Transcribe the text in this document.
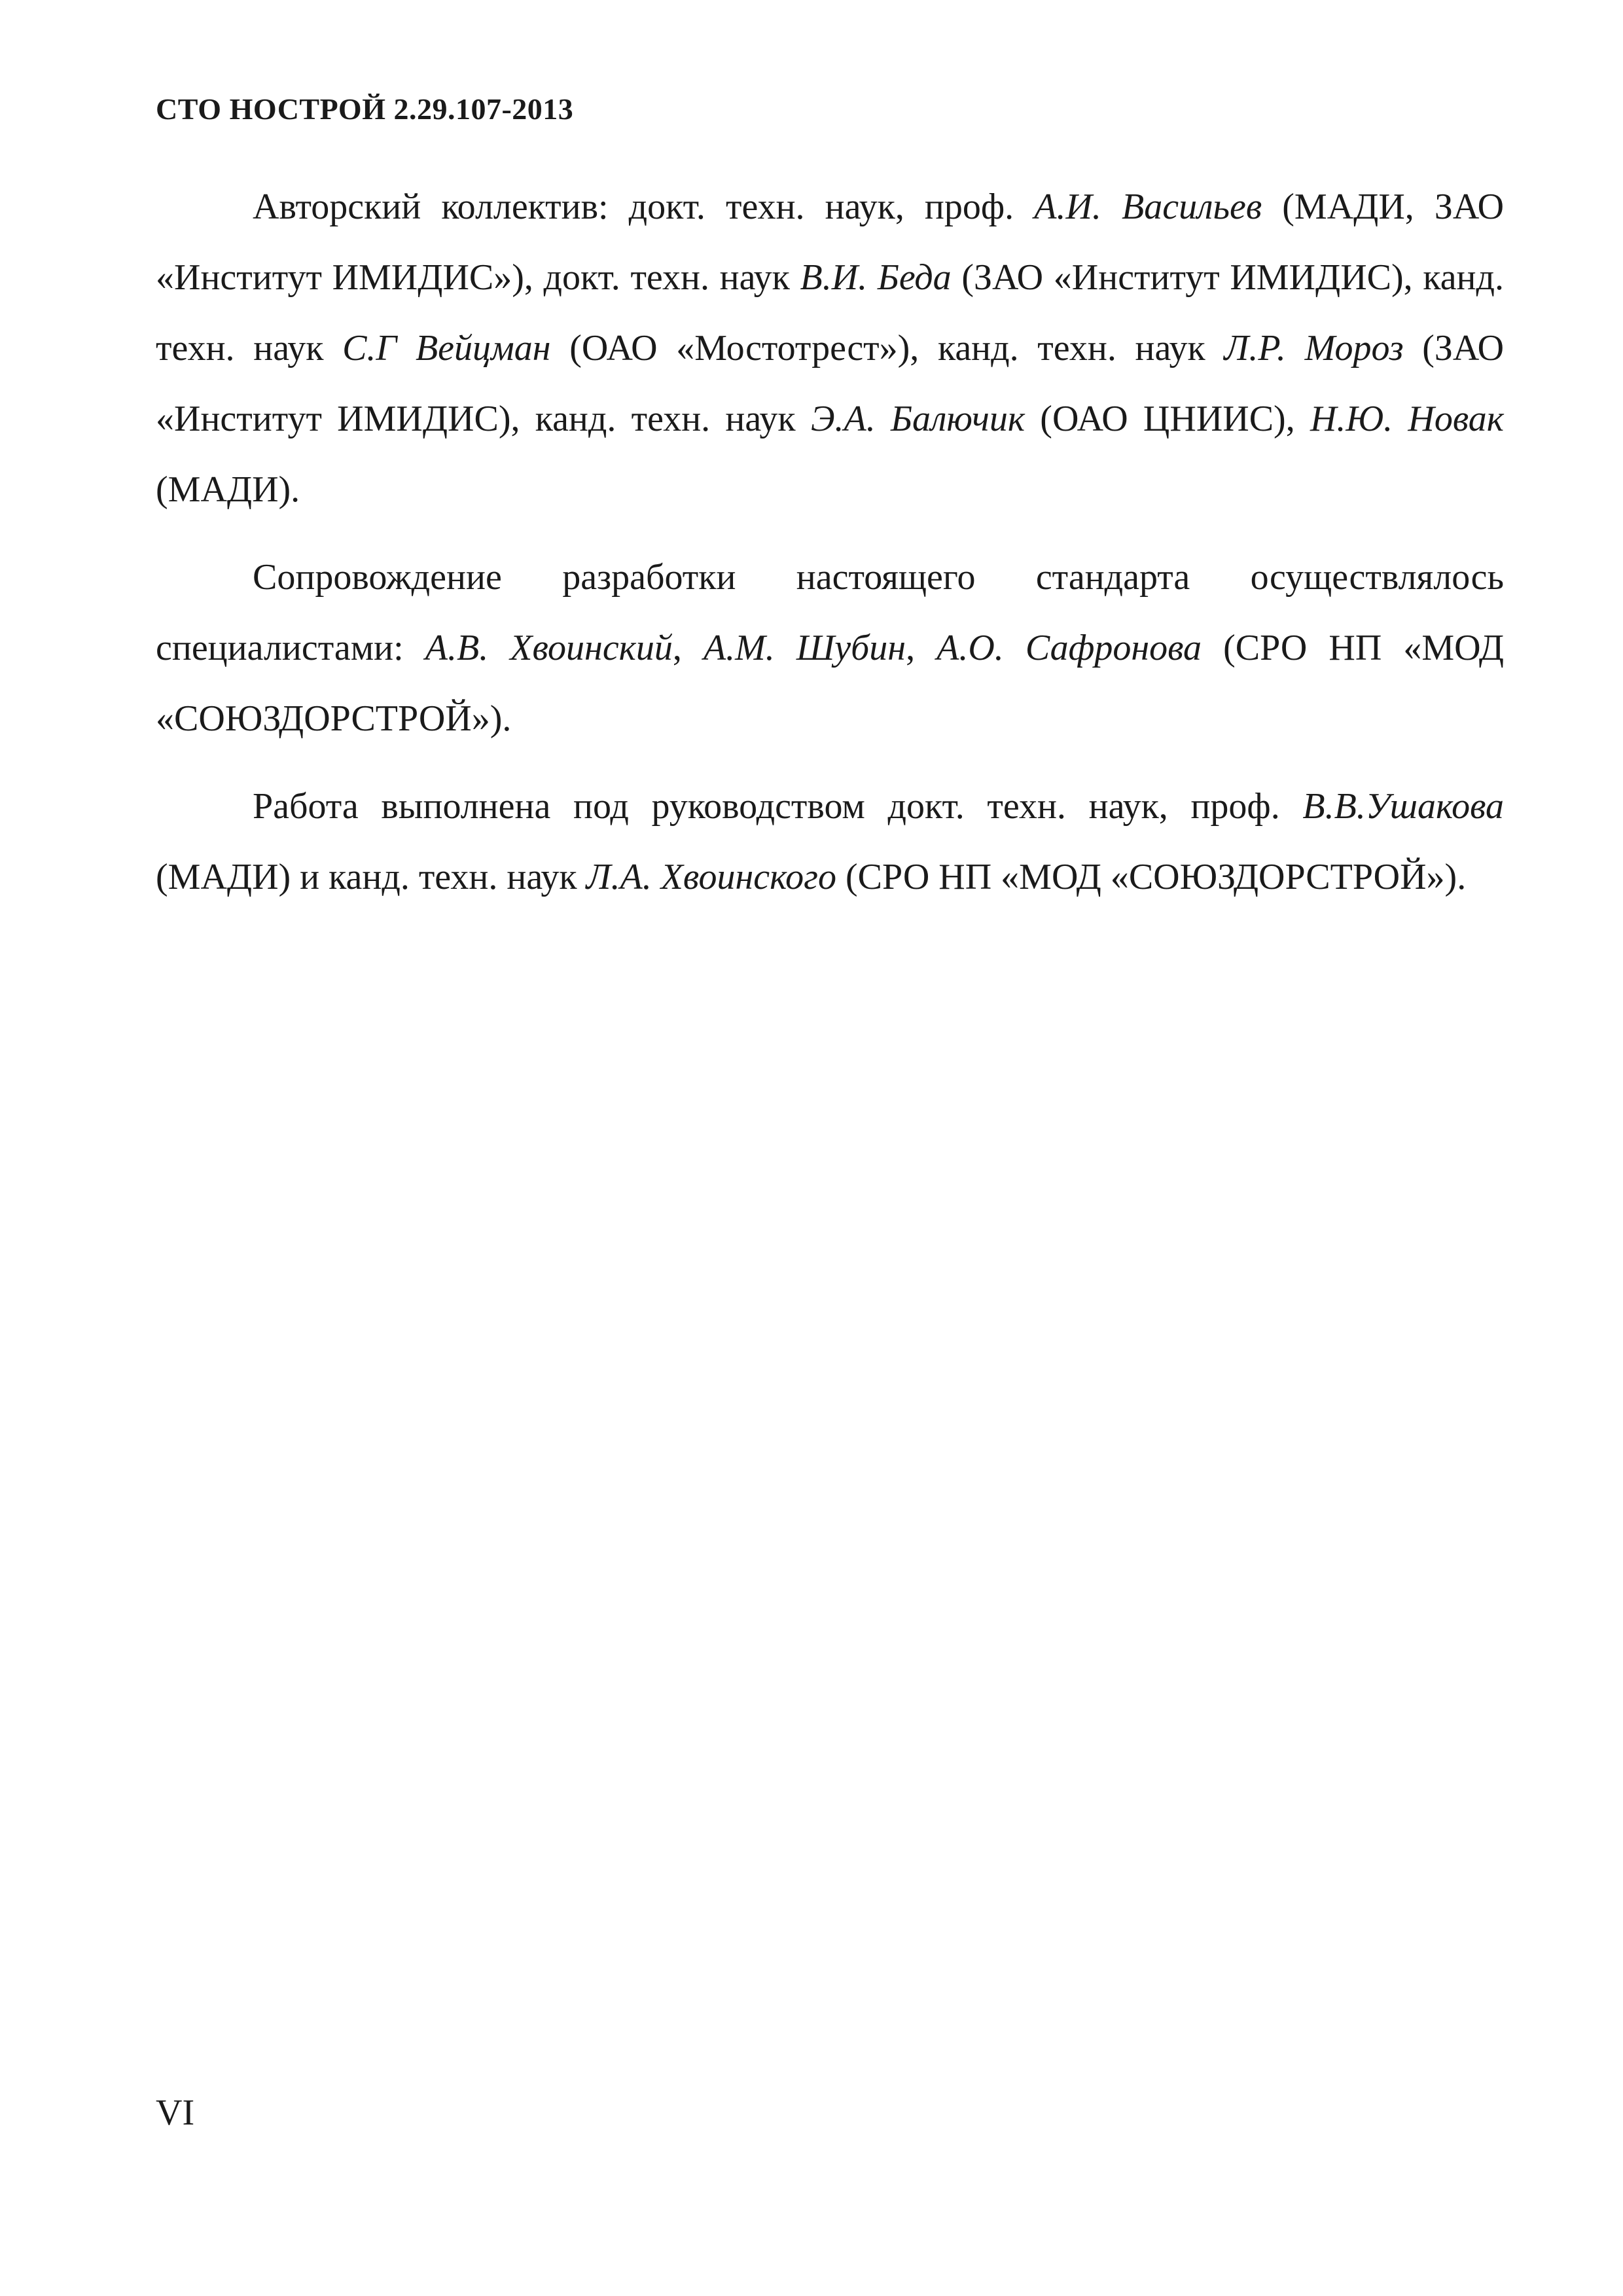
СТО НОСТРОЙ 2.29.107-2013

Авторский коллектив: докт. техн. наук, проф. А.И. Васильев (МАДИ, ЗАО «Институт ИМИДИС»), докт. техн. наук В.И. Беда (ЗАО «Институт ИМИДИС), канд. техн. наук С.Г Вейцман (ОАО «Мостотрест»), канд. техн. наук Л.Р. Мороз (ЗАО «Институт ИМИДИС), канд. техн. наук Э.А. Балючик (ОАО ЦНИИС), Н.Ю. Новак (МАДИ).

Сопровождение разработки настоящего стандарта осуществлялось специалистами: А.В. Хвоинский, А.М. Шубин, А.О. Сафронова (СРО НП «МОД «СОЮЗДОРСТРОЙ»).

Работа выполнена под руководством докт. техн. наук, проф. В.В.Ушакова (МАДИ) и канд. техн. наук Л.А. Хвоинского (СРО НП «МОД «СОЮЗДОРСТРОЙ»).

VI
